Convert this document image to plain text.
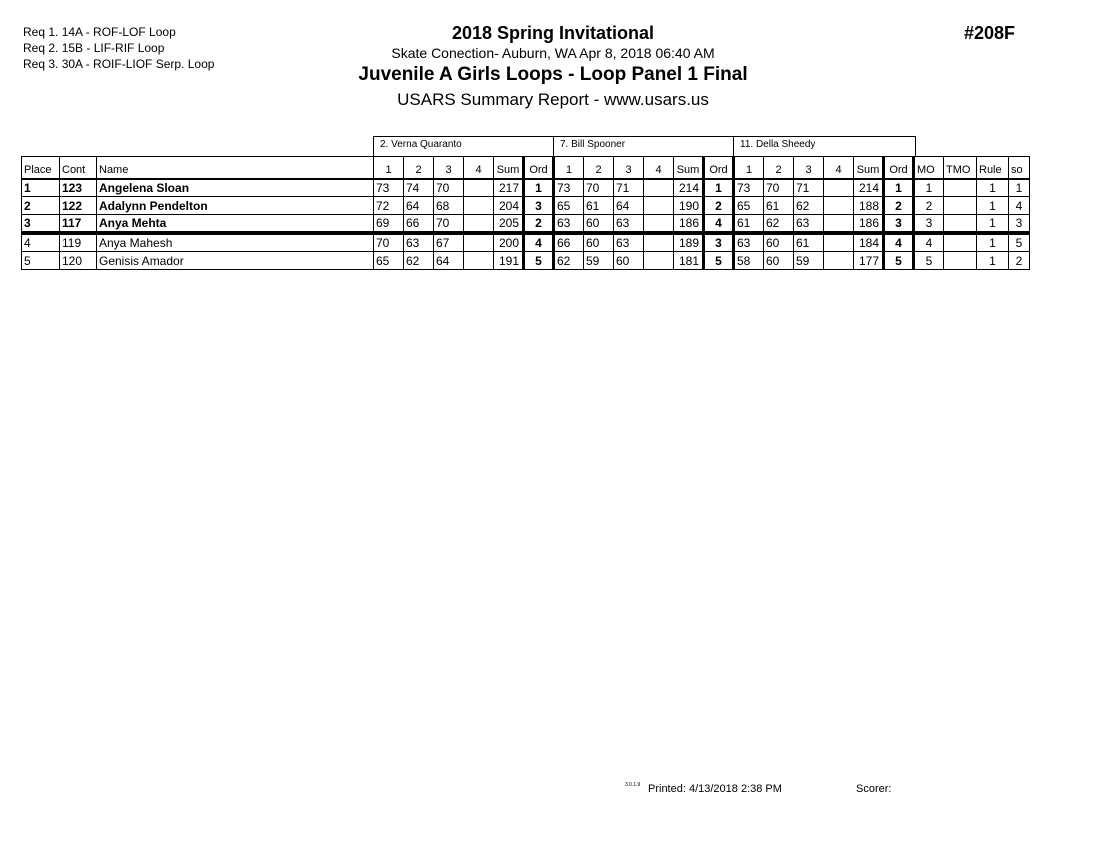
Req 1. 14A - ROF-LOF Loop
Req 2. 15B - LIF-RIF Loop
Req 3. 30A - ROIF-LIOF Serp. Loop
2018 Spring Invitational
Skate Conection- Auburn, WA Apr 8, 2018 06:40 AM
Juvenile A Girls Loops - Loop Panel 1 Final
USARS Summary Report - www.usars.us
#208F
2. Verna Quaranto	7. Bill Spooner	11. Della Sheedy
Place	Cont	Name	1	2	3	4	Sum	Ord	1	2	3	4	Sum	Ord	1	2	3	4	Sum	Ord	MO	TMO	Rule	so
1	123	Angelena Sloan	73	74	70		217	1	73	70	71		214	1	73	70	71		214	1	1		1	1
2	122	Adalynn Pendelton	72	64	68		204	3	65	61	64		190	2	65	61	62		188	2	2		1	4
3	117	Anya Mehta	69	66	70		205	2	63	60	63		186	4	61	62	63		186	3	3		1	3
4	119	Anya Mahesh	70	63	67		200	4	66	60	63		189	3	63	60	61		184	4	4		1	5
5	120	Genisis Amador	65	62	64		191	5	62	59	60		181	5	58	60	59		177	5	5		1	2
3.0.1.9 Printed: 4/13/2018 2:38 PM	Scorer:
